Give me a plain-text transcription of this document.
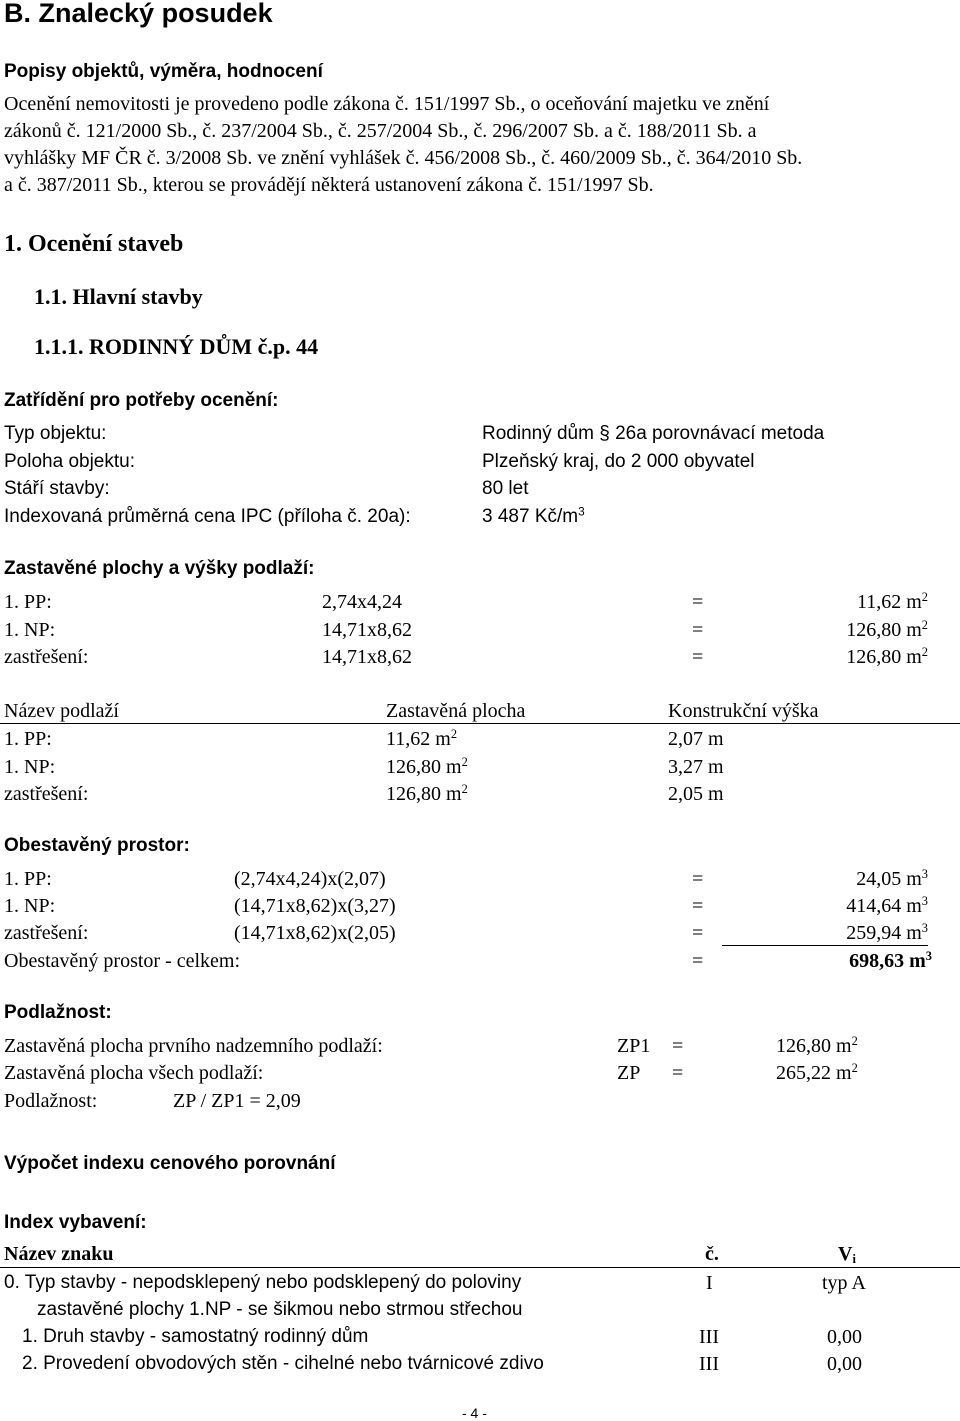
B. Znalecký posudek
Popisy objektů, výměra, hodnocení
Ocenění nemovitosti je provedeno podle zákona č. 151/1997 Sb., o oceňování majetku ve znění
zákonů č. 121/2000 Sb., č. 237/2004 Sb., č. 257/2004 Sb., č. 296/2007 Sb. a č. 188/2011 Sb. a
vyhlášky MF ČR č. 3/2008 Sb. ve znění vyhlášek č. 456/2008 Sb., č. 460/2009 Sb., č. 364/2010 Sb.
a č. 387/2011 Sb., kterou se provádějí některá ustanovení zákona č. 151/1997 Sb.
1. Ocenění staveb
1.1. Hlavní stavby
1.1.1. RODINNÝ DŮM č.p. 44
Zatřídění pro potřeby ocenění:
Typ objektu:	Rodinný dům § 26a porovnávací metoda
Poloha objektu:	Plzeňský kraj, do 2 000 obyvatel
Stáří stavby:	80 let
Indexovaná průměrná cena IPC (příloha č. 20a):	3 487 $Kč/m^3$
Zastavěné plochy a výšky podlaží:
1. PP:	2,74x4,24	=	11,62 $m^2$
1. NP:	14,71x8,62	=	126,80 $m^2$
zastřešení:	14,71x8,62	=	126,80 $m^2$
Název podlaží	Zastavěná plocha	Konstrukční výška
1. PP:	11,62 $m^2$	2,07 m
1. NP:	126,80 $m^2$	3,27 m
zastřešení:	126,80 $m^2$	2,05 m
Obestavěný prostor:
1. PP:	(2,74x4,24)x(2,07)	=	24,05 $m^3$
1. NP:	(14,71x8,62)x(3,27)	=	414,64 $m^3$
zastřešení:	(14,71x8,62)x(2,05)	=	259,94 $m^3$
Obestavěný prostor - celkem:	=	698,63 $m^3$
Podlažnost:
Zastavěná plocha prvního nadzemního podlaží:	ZP1 =	126,80 $m^2$
Zastavěná plocha všech podlaží:	ZP =	265,22 $m^2$
Podlažnost:	ZP / ZP1 = 2,09
Výpočet indexu cenového porovnání
Index vybavení:
Název znaku	č.	$V_i$
0. Typ stavby - nepodsklepený nebo podsklepený do poloviny	I	typ A
zastavěné plochy 1.NP - se šikmou nebo strmou střechou
1. Druh stavby - samostatný rodinný dům	III	0,00
2. Provedení obvodových stěn - cihelné nebo tvárnicové zdivo	III	0,00
- 4 -
